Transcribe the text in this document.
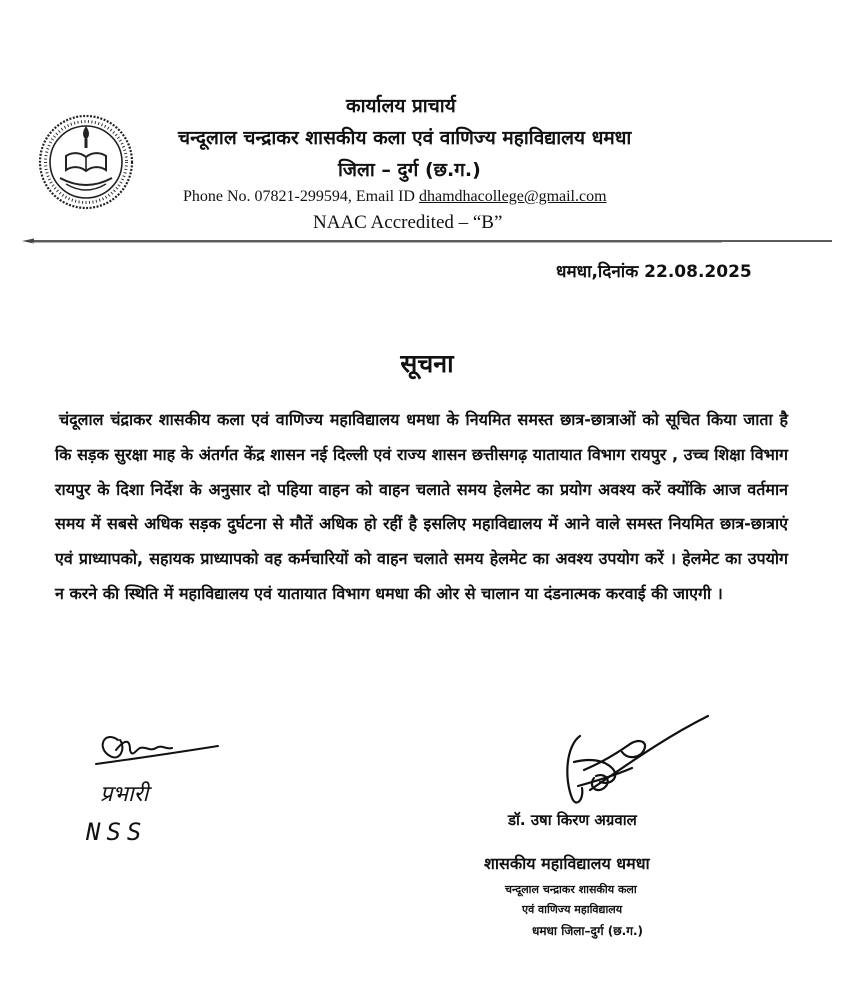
कार्यालय प्राचार्य
चन्दूलाल चन्द्राकर शासकीय कला एवं वाणिज्य महाविद्यालय धमधा
जिला – दुर्ग (छ.ग.)
Phone No. 07821-299594, Email ID dhamdhacollege@gmail.com
NAAC Accredited – “B”
धमधा,दिनांक 22.08.2025
सूचना
चंदूलाल चंद्राकर शासकीय कला एवं वाणिज्य महाविद्यालय धमधा के नियमित समस्त छात्र-छात्राओं को सूचित किया जाता है कि सड़क सुरक्षा माह के अंतर्गत केंद्र शासन नई दिल्ली एवं राज्य शासन छत्तीसगढ़ यातायात विभाग रायपुर , उच्च शिक्षा विभाग रायपुर के दिशा निर्देश के अनुसार दो पहिया वाहन को वाहन चलाते समय हेलमेट का प्रयोग अवश्य करें क्योंकि आज वर्तमान समय में सबसे अधिक सड़क दुर्घटना से मौतें अधिक हो रहीं है इसलिए महाविद्यालय में आने वाले समस्त नियमित छात्र-छात्राएं एवं प्राध्यापको, सहायक प्राध्यापको वह कर्मचारियों को वाहन चलाते समय हेलमेट का अवश्य उपयोग करें । हेलमेट का उपयोग न करने की स्थिति में महाविद्यालय एवं यातायात विभाग धमधा की ओर से चालान या दंडनात्मक करवाई की जाएगी ।
प्रभारी
NSS	डॉ. उषा किरण अग्रवाल
शासकीय महाविद्यालय धमधा
चन्दूलाल चन्द्राकर शासकीय कला
एवं वाणिज्य महाविद्यालय
धमधा जिला–दुर्ग (छ.ग.)
